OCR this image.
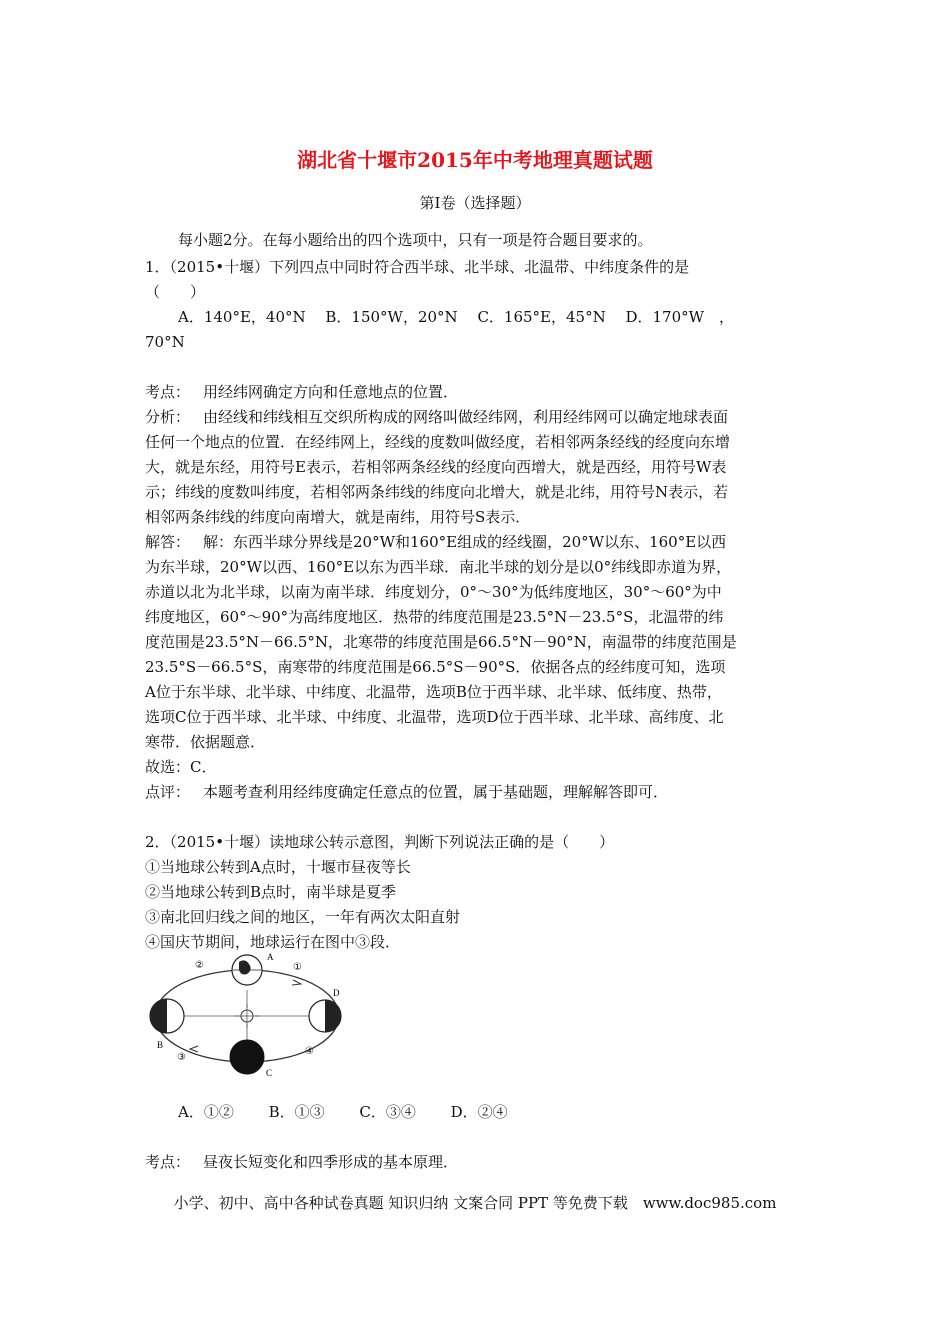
湖北省十堰市2015年中考地理真题试题
第Ⅰ卷（选择题）
每小题2分。在每小题给出的四个选项中，只有一项是符合题目要求的。
1．（2015•十堰）下列四点中同时符合西半球、北半球、北温带、中纬度条件的是
（　　）
A．140°E，40°N　 B．150°W，20°N　 C．165°E，45°N　 D．170°W　，
70°N
考点： 用经纬网确定方向和任意地点的位置．
分析： 由经线和纬线相互交织所构成的网络叫做经纬网，利用经纬网可以确定地球表面
任何一个地点的位置．在经纬网上，经线的度数叫做经度，若相邻两条经线的经度向东增
大，就是东经，用符号E表示，若相邻两条经线的经度向西增大，就是西经，用符号W表
示；纬线的度数叫纬度，若相邻两条纬线的纬度向北增大，就是北纬，用符号N表示，若
相邻两条纬线的纬度向南增大，就是南纬，用符号S表示．
解答： 解：东西半球分界线是20°W和160°E组成的经线圈，20°W以东、160°E以西
为东半球，20°W以西、160°E以东为西半球．南北半球的划分是以0°纬线即赤道为界，
赤道以北为北半球，以南为南半球．纬度划分，0°～30°为低纬度地区，30°～60°为中
纬度地区，60°～90°为高纬度地区．热带的纬度范围是23.5°N－23.5°S，北温带的纬
度范围是23.5°N－66.5°N，北寒带的纬度范围是66.5°N－90°N，南温带的纬度范围是
23.5°S－66.5°S，南寒带的纬度范围是66.5°S－90°S．依据各点的经纬度可知，选项
A位于东半球、北半球、中纬度、北温带，选项B位于西半球、北半球、低纬度、热带，
选项C位于西半球、北半球、中纬度、北温带，选项D位于西半球、北半球、高纬度、北
寒带．依据题意．
故选：C．
点评： 本题考查利用经纬度确定任意点的位置，属于基础题，理解解答即可．
2．（2015•十堰）读地球公转示意图，判断下列说法正确的是（　　）
①当地球公转到A点时，十堰市昼夜等长
②当地球公转到B点时，南半球是夏季
③南北回归线之间的地区，一年有两次太阳直射
④国庆节期间，地球运行在图中③段．
A
B
C
D
②	①
③
④
A．①②　　 B．①③　　 C．③④　　 D．②④
考点： 昼夜长短变化和四季形成的基本原理．
小学、初中、高中各种试卷真题 知识归纳 文案合同 PPT 等免费下载　www.doc985.com
